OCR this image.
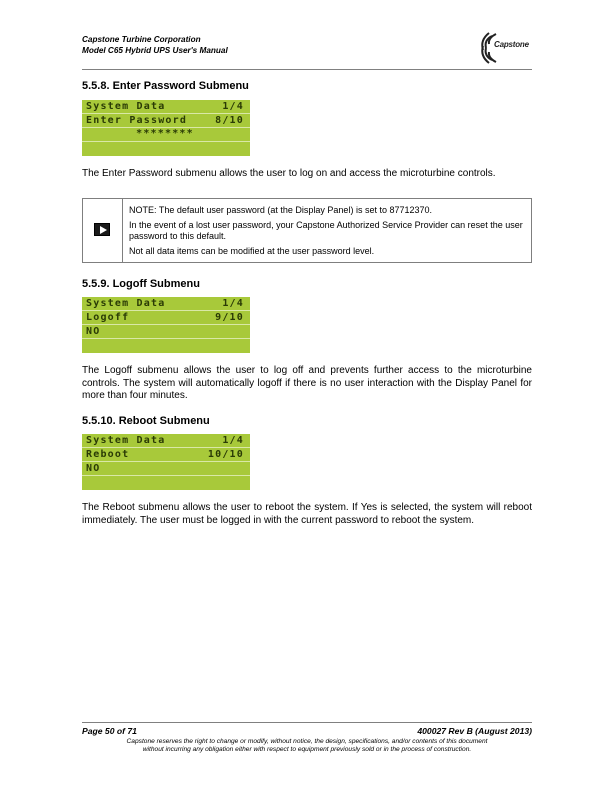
Capstone Turbine Corporation
Model C65 Hybrid UPS User's Manual
Capstone
5.5.8. Enter Password Submenu
System Data	1/4
Enter Password	8/10
********
The Enter Password submenu allows the user to log on and access the microturbine controls.

NOTE: The default user password (at the Display Panel) is set to 87712370.

In the event of a lost user password, your Capstone Authorized Service Provider can reset the user password to this default.

Not all data items can be modified at the user password level.

5.5.9. Logoff Submenu
System Data	1/4
Logoff	9/10
NO
The Logoff submenu allows the user to log off and prevents further access to the microturbine controls. The system will automatically logoff if there is no user interaction with the Display Panel for more than four minutes.
5.5.10. Reboot Submenu
System Data	1/4
Reboot	10/10
NO
The Reboot submenu allows the user to reboot the system. If Yes is selected, the system will reboot immediately. The user must be logged in with the current password to reboot the system.
Page 50 of 71	400027 Rev B (August 2013)
Capstone reserves the right to change or modify, without notice, the design, specifications, and/or contents of this document
without incurring any obligation either with respect to equipment previously sold or in the process of construction.
